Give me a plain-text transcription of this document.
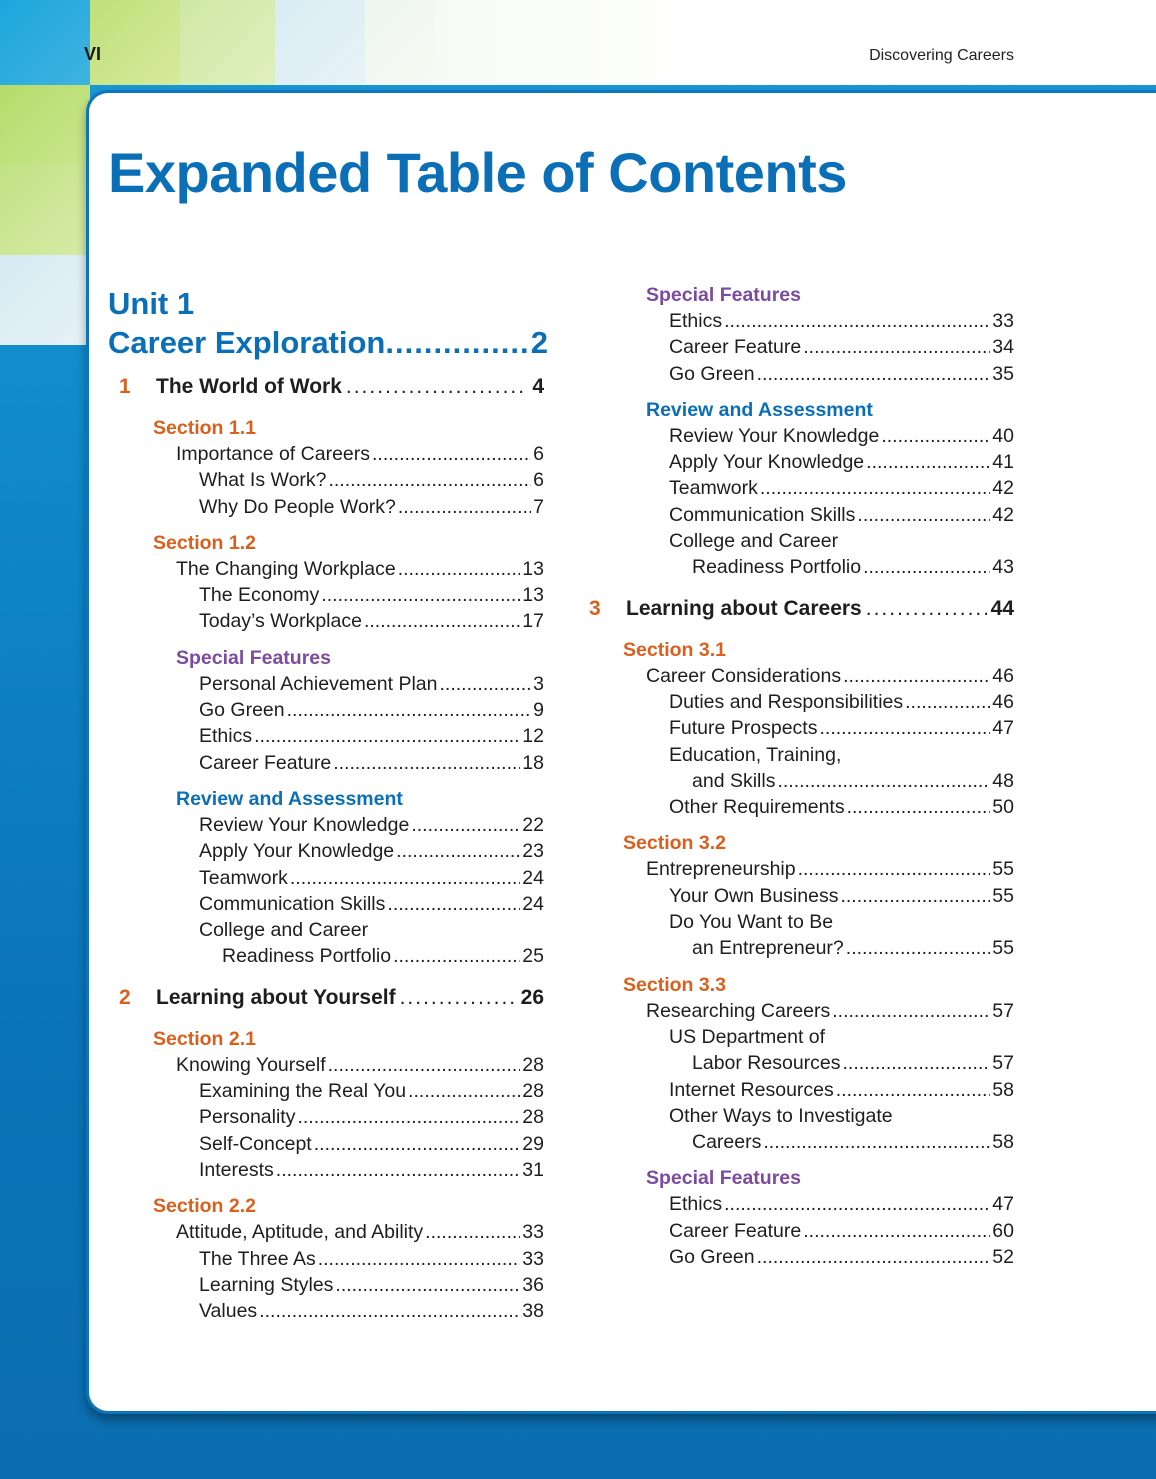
VI	Discovering Careers
Expanded Table of Contents
Unit 1
Career Exploration .....	2
1	The World of Work .....	4
Section 1.1
Importance of Careers .....	6
What Is Work? .....	6
Why Do People Work? .....	7
Section 1.2
The Changing Workplace .....	13
The Economy .....	13
Today’s Workplace .....	17
Special Features
Personal Achievement Plan .....	3
Go Green .....	9
Ethics .....	12
Career Feature .....	18
Review and Assessment
Review Your Knowledge .....	22
Apply Your Knowledge .....	23
Teamwork .....	24
Communication Skills .....	24
College and Career
Readiness Portfolio .....	25
2	Learning about Yourself .....	26
Section 2.1
Knowing Yourself .....	28
Examining the Real You .....	28
Personality .....	28
Self-Concept .....	29
Interests .....	31
Section 2.2
Attitude, Aptitude, and Ability .....	33
The Three As .....	33
Learning Styles .....	36
Values .....	38
Special Features
Ethics .....	33
Career Feature .....	34
Go Green .....	35
Review and Assessment
Review Your Knowledge .....	40
Apply Your Knowledge .....	41
Teamwork .....	42
Communication Skills .....	42
College and Career
Readiness Portfolio .....	43
3	Learning about Careers .....	44
Section 3.1
Career Considerations .....	46
Duties and Responsibilities .....	46
Future Prospects .....	47
Education, Training,
and Skills .....	48
Other Requirements .....	50
Section 3.2
Entrepreneurship .....	55
Your Own Business .....	55
Do You Want to Be
an Entrepreneur? .....	55
Section 3.3
Researching Careers .....	57
US Department of
Labor Resources .....	57
Internet Resources .....	58
Other Ways to Investigate
Careers .....	58
Special Features
Ethics .....	47
Career Feature .....	60
Go Green .....	52
